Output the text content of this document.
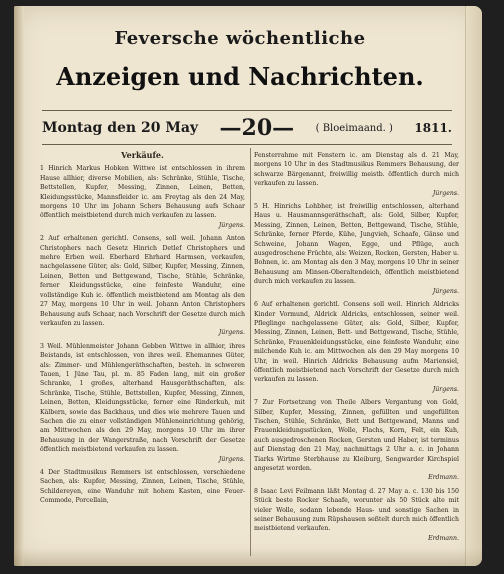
Feversche wöchentliche
Anzeigen und Nachrichten.
Montag den 20 May —20— ( Bloeimaand. ) 1811.
Verkäufe.

1 Hinrich Markus Hobken Wittwe ist entschlossen in ihrem Hause allhier, diverse Mobilien, als: Schränke, Stühle, Tische, Bettstellen, Kupfer, Messing, Zinnen, Leinen, Betten, Kleidungsstücke, Mannsfleider ic. am Freytag als den 24 May, morgens 10 Uhr im Johann Schers Behausung aufs Schaar öffentlich meistbietend durch mich verkaufen zu lassen.
Jürgens.

2 Auf erhaltenen gerichtl. Consens, soll weil. Johann Anton Christophers nach Gesetz Hinrich Detlef Christophers und mehre Erben weil. Eberhard Ehrhard Harmsen, verkaufen, nachgelassene Güter, als: Gold, Silber, Kupfer, Messing, Zinnen, Leinen, Betten und Bettgewand, Tische, Stühle, Schränke, ferner Kleidungsstücke, eine feinfeste Wanduhr, eine vollständige Kuh ic. öffentlich meistbietend am Montag als den 27 May, morgens 10 Uhr in weil. Johann Anton Christophers Behausung aufs Schaar, nach Vorschrift der Gesetze durch mich verkaufen zu lassen.
Jürgens.

3 Weil. Mühlenmeister Johann Gebben Wittwe in allhier, ihres Beistands, ist entschlossen, von ihres weil. Ehemannes Güter, als: Zimmer- und Mühlengeräthschaften, besteh. in schweren Tauen, 1 Jüne Tau, pl. m. 85 Faden lang, mit ein großer Schranke, 1 großes, alterhand Hausgeräthschaften, als: Schränke, Tische, Stühle, Bettstellen, Kupfer, Messing, Zinnen, Leinen, Betten, Kleidungsstücke, ferner eine Rinderkuh, mit Kälbern, sowie das Backhaus, und dies wie mehrere Tauen und Sachen die zu einer vollständigen Mühleneinrichtung gehörig, am Mittwochen als den 29 May, morgens 10 Uhr im ihrer Behausung in der Wangerstraße, nach Vorschrift der Gesetze öffentlich meistbietend verkaufen zu lassen.
Jürgens.

4 Der Stadtmusikus Remmers ist entschlossen, verschiedene Sachen, als: Kupfer, Messing, Zinnen, Leinen, Tische, Stühle, Schildereyen, eine Wanduhr mit hohem Kasten, eine Feuer- Commode, Porcellain,

Fensterrahme mit Fenstern ic. am Dienstag als d. 21 May, morgens 10 Uhr in des Stadtmusikus Remmers Behausung, der schwarze Bärgenannt, freiwillig meistb. öffentlich durch mich verkaufen zu lassen.
Jürgens.

5 H. Hinrichs Lohbher, ist freiwillig entschlossen, alterhand Haus u. Hausmannsgeräthschaft, als: Gold, Silber, Kupfer, Messing, Zinnen, Leinen, Betten, Bettgewand, Tische, Stühle, Schränke, ferner Pferde, Kühe, Jungvieh, Schaafe, Gänse und Schweine, Johann Wagen, Egge, und Pflüge, auch ausgedroschene Früchte, als: Weizen, Rocken, Gersten, Haber u. Bohnen, ic. am Montag als den 3 May, morgens 10 Uhr in seiner Behausung am Minsen-Oberaltendeich, öffentlich meistbietend durch mich verkaufen zu lassen.
Jürgens.

6 Auf erhaltenen gerichtl. Consens soll weil. Hinrich Aldricks Kinder Vormund, Aldrick Aldricks, entschlossen, seiner weil. Pfleglinge nachgelassene Güter, als: Gold, Silber, Kupfer, Messing, Zinnen, Leinen, Bett- und Bettgewand, Tische, Stühle, Schränke, Frauenkleidungsstücke, eine feinfeste Wanduhr, eine milchende Kuh ic. am Mittwochen als den 29 May morgens 10 Uhr, in weil. Hinrich Aldricks Behausung aufm Mariensiel, öffentlich meistbietend nach Vorschrift der Gesetze durch mich verkaufen zu lassen.
Jürgens.

7 Zur Fortsetzung von Theile Albers Vergantung von Gold, Silber, Kupfer, Messing, Zinnen, gefüllten und ungefüllten Tischen, Stühle, Schränke, Bett und Bettgewand, Manns und Frauenkleidungsstücken, Wolle, Flachs, Korn, Felt, ein Kuh, auch ausgedroschenen Rocken, Gersten und Haber, ist terminus auf Dienstag den 21 May, nachmittags 2 Uhr a. c. in Johann Tiarks Wirtme Sterbhause zu Kleiburg, Sengwarder Kirchspiel angesetzt worden.
Erdmann.

8 Isaac Levi Feilmann läßt Montag d. 27 May a. c. 130 bis 150 Stück beste Rocker Schaafe, worunter als 50 Stück alte mit vieler Wolle, sodann lebende Haus- und sonstige Sachen in seiner Behausung zum Rüpshausen seßtelt durch mich öffentlich meistbietend verkaufen.
Erdmann.
